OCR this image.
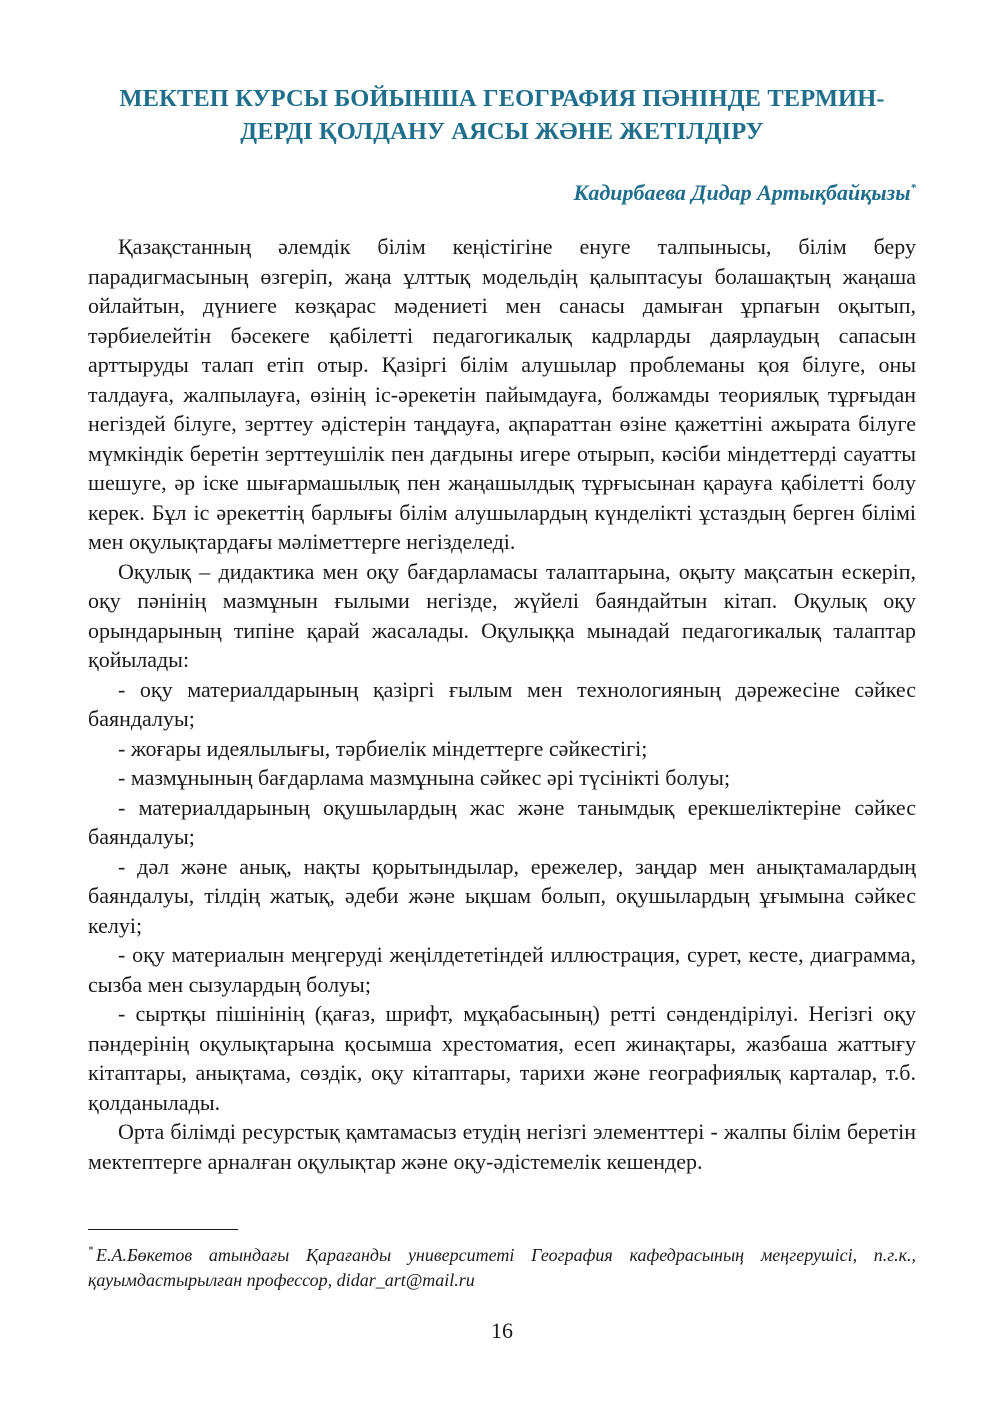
МЕКТЕП КУРСЫ БОЙЫНША ГЕОГРАФИЯ ПӘНІНДЕ ТЕРМИН-
ДЕРДІ ҚОЛДАНУ АЯСЫ ЖӘНЕ ЖЕТІЛДІРУ
Кадирбаева Дидар Артықбайқызы*

Қазақстанның әлемдік білім кеңістігіне енуге талпынысы, білім беру парадигмасының өзгеріп, жаңа ұлттық модельдің қалыптасуы болашақтың жаңаша ойлайтын, дүниеге көзқарас мәдениеті мен санасы дамыған ұрпағын оқытып, тәрбиелейтін бәсекеге қабілетті педагогикалық кадрларды даярлаудың сапасын арттыруды талап етіп отыр. Қазіргі білім алушылар проблеманы қоя білуге, оны талдауға, жалпылауға, өзінің іс-әрекетін пайымдауға, болжамды теориялық тұрғыдан негіздей білуге, зерттеу әдістерін таңдауға, ақпараттан өзіне қажеттіні ажырата білуге мүмкіндік беретін зерттеушілік пен дағдыны игере отырып, кәсіби міндеттерді сауатты шешуге, әр іске шығармашылық пен жаңашылдық тұрғысынан қарауға қабілетті болу керек. Бұл іс әрекеттің барлығы білім алушылардың күнделікті ұстаздың берген білімі мен оқулықтардағы мәліметтерге негізделеді.

Оқулық – дидактика мен оқу бағдарламасы талаптарына, оқыту мақсатын ескеріп, оқу пәнінің мазмұнын ғылыми негізде, жүйелі баяндайтын кітап. Оқулық оқу орындарының типіне қарай жасалады. Оқулыққа мынадай педагогикалық талаптар қойылады:

- оқу материалдарының қазіргі ғылым мен технологияның дәрежесіне сәйкес баяндалуы;

- жоғары идеялылығы, тәрбиелік міндеттерге сәйкестігі;

- мазмұнының бағдарлама мазмұнына сәйкес әрі түсінікті болуы;

- материалдарының оқушылардың жас және танымдық ерекшеліктеріне сәйкес баяндалуы;

- дәл және анық, нақты қорытындылар, ережелер, заңдар мен анықтамалардың баяндалуы, тілдің жатық, әдеби және ықшам болып, оқушылардың ұғымына сәйкес келуі;

- оқу материалын меңгеруді жеңілдететіндей иллюстрация, сурет, кесте, диаграмма, сызба мен сызулардың болуы;

- сыртқы пішінінің (қағаз, шрифт, мұқабасының) ретті сәндендірілуі. Негізгі оқу пәндерінің оқулықтарына қосымша хрестоматия, есеп жинақтары, жазбаша жаттығу кітаптары, анықтама, сөздік, оқу кітаптары, тарихи және географиялық карталар, т.б. қолданылады.

Орта білімді ресурстық қамтамасыз етудің негізгі элементтері - жалпы білім беретін мектептерге арналған оқулықтар және оқу-әдістемелік кешендер.

* Е.А.Бөкетов атындағы Қарағанды университеті География кафедрасының меңгерушісі, п.г.к., қауымдастырылған профессор, didar_art@mail.ru
16
